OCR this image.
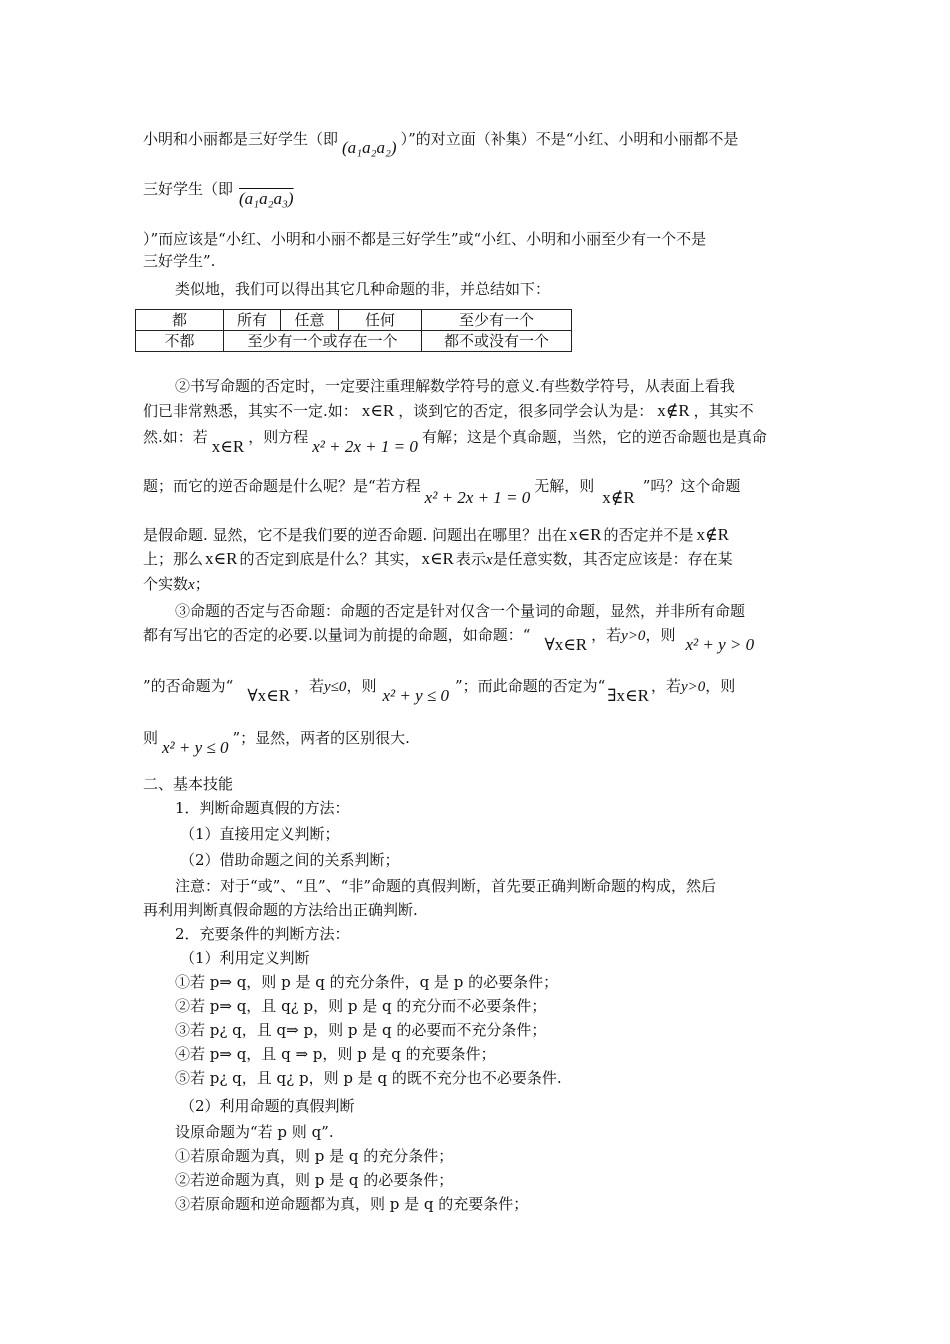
小明和小丽都是三好学生（即 (a₁a₂a₂) ）”的对立面（补集）不是“小红、小明和小丽都不是
三好学生（即 (a₁a₂a₃)
）”而应该是“小红、小明和小丽不都是三好学生”或“小红、小明和小丽至少有一个不是
三好学生”.
类似地，我们可以得出其它几种命题的非，并总结如下：
都	所有	任意	任何	至少有一个
不都	至少有一个或存在一个			都不或没有一个
②书写命题的否定时，一定要注重理解数学符号的意义.有些数学符号，从表面上看我
们已非常熟悉，其实不一定.如： x∈R ，谈到它的否定，很多同学会认为是： x∉R ，其实不
然.如：若 x∈R ，则方程 x² + 2x + 1 = 0 有解；这是个真命题，当然，它的逆否命题也是真命
题；而它的逆否命题是什么呢？是“若方程x² + 2x + 1 = 0无解，则x∉R”吗？这个命题
是假命题. 显然，它不是我们要的逆否命题. 问题出在哪里？出在 x∈R 的否定并不是 x∉R
上；那么 x∈R 的否定到底是什么？其实， x∈R 表示x是任意实数，其否定应该是：存在某
个实数x；
③命题的否定与否命题：命题的否定是针对仅含一个量词的命题，显然，并非所有命题
都有写出它的否定的必要.以量词为前提的命题，如命题：“ ∀x∈R ，若y>0，则 x² + y > 0
”的否命题为“ ∀x∈R ，若y≤0，则 x² + y ≤ 0 ”；而此命题的否定为“ ∃x∈R ，若y>0，则
则 x² + y ≤ 0 ”；显然，两者的区别很大.
二、基本技能
1．判断命题真假的方法：
（1）直接用定义判断；
（2）借助命题之间的关系判断；
注意：对于“或”、“且”、“非”命题的真假判断，首先要正确判断命题的构成，然后
再利用判断真假命题的方法给出正确判断.
2．充要条件的判断方法：
（1）利用定义判断
①若 p⇒ q，则 p 是 q 的充分条件，q 是 p 的必要条件；
②若 p⇒ q，且 q¿ p，则 p 是 q 的充分而不必要条件；
③若 p¿ q，且 q⇒ p，则 p 是 q 的必要而不充分条件；
④若 p⇒ q，且 q ⇒ p，则 p 是 q 的充要条件；
⑤若 p¿ q，且 q¿ p，则 p 是 q 的既不充分也不必要条件.
（2）利用命题的真假判断
设原命题为“若 p 则 q”.
①若原命题为真，则 p 是 q 的充分条件；
②若逆命题为真，则 p 是 q 的必要条件；
③若原命题和逆命题都为真，则 p 是 q 的充要条件；
